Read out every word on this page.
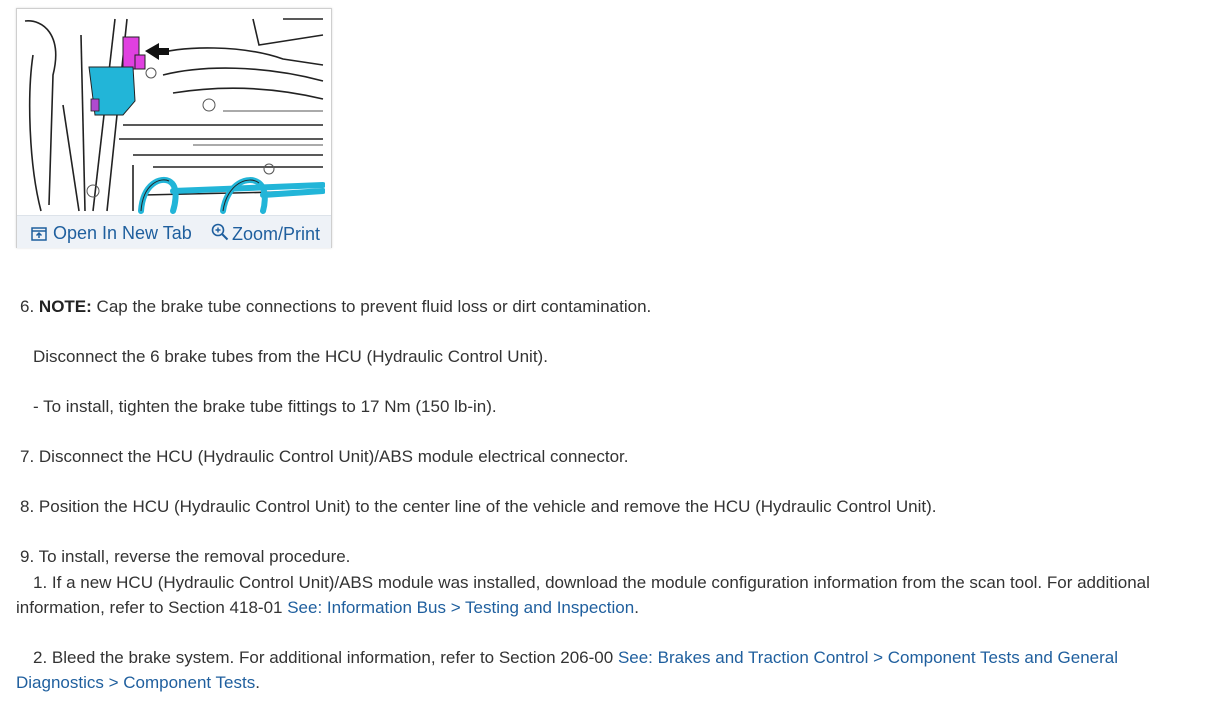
Open In New Tab	Zoom/Print
6. NOTE: Cap the brake tube connections to prevent fluid loss or dirt contamination.
Disconnect the 6 brake tubes from the HCU (Hydraulic Control Unit).
- To install, tighten the brake tube fittings to 17 Nm (150 lb-in).
7. Disconnect the HCU (Hydraulic Control Unit)/ABS module electrical connector.
8. Position the HCU (Hydraulic Control Unit) to the center line of the vehicle and remove the HCU (Hydraulic Control Unit).
9. To install, reverse the removal procedure.
1. If a new HCU (Hydraulic Control Unit)/ABS module was installed, download the module configuration information from the scan tool. For additional information, refer to Section 418-01 See: Information Bus > Testing and Inspection.
2. Bleed the brake system. For additional information, refer to Section 206-00 See: Brakes and Traction Control > Component Tests and General Diagnostics > Component Tests.
